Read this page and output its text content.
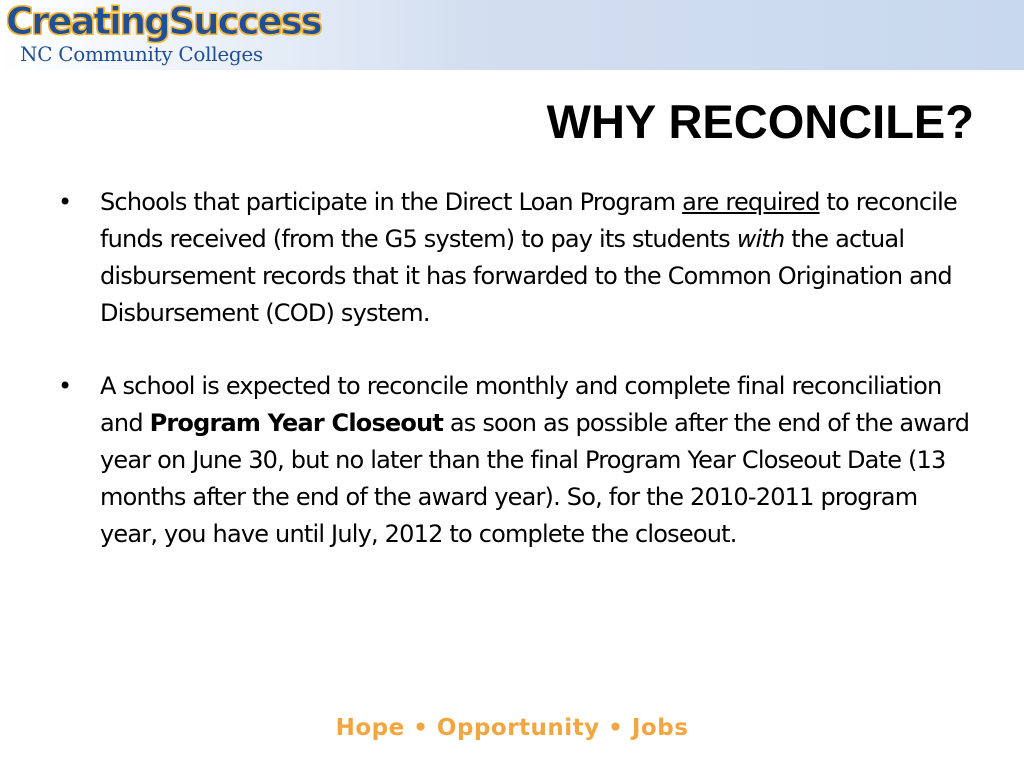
CreatingSuccess
NC Community Colleges
WHY RECONCILE?
• Schools that participate in the Direct Loan Program are required to reconcile funds received (from the G5 system) to pay its students with the actual disbursement records that it has forwarded to the Common Origination and Disbursement (COD) system.
• A school is expected to reconcile monthly and complete final reconciliation and Program Year Closeout as soon as possible after the end of the award year on June 30, but no later than the final Program Year Closeout Date (13 months after the end of the award year). So, for the 2010-2011 program year, you have until July, 2012 to complete the closeout.
Hope • Opportunity • Jobs
